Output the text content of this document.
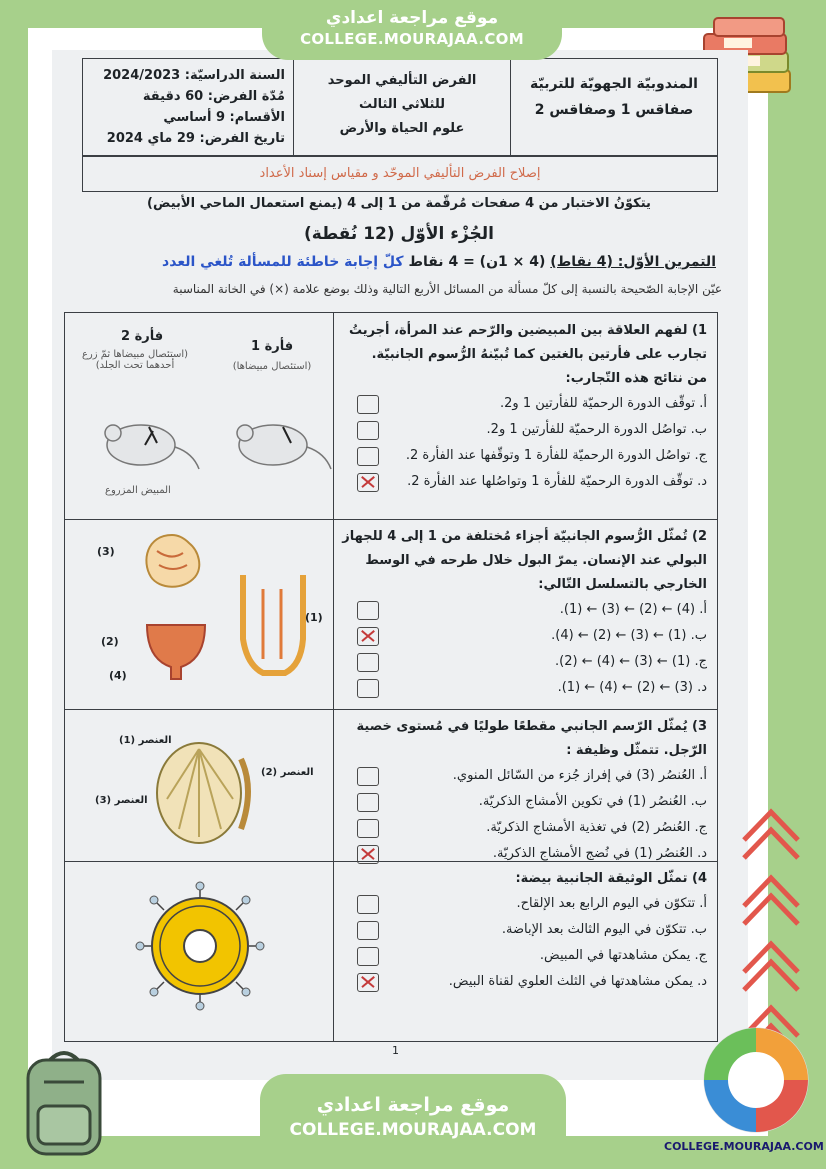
موقع مراجعة اعدادي
COLLEGE.MOURAJAA.COM
المندوبيّة الجهويّة للتربيّة
صفاقس 1 وصفاقس 2
الفرض التأليفي الموحد
للثلاثي الثالث
علوم الحياة والأرض
السنة الدراسيّة: 2024/2023
مُدّة الفرض: 60 دقيقة
الأقسام: 9 أساسي
تاريخ الفرض: 29 ماي 2024
إصلاح الفرض التأليفي الموحّد و مقياس إسناد الأعداد
يتكوّنُ الاختبار من 4 صفحات مُرقّمة من 1 إلى 4 (يمنع استعمال الماحي الأبيض)
الجُزْء الأوّل (12 نُقطة)
التمرين الأوّل: (4 نقاط) (4 × 1ن) = 4 نقاط كلّ إجابة خاطئة للمسألة تُلغي العدد
عيّن الإجابة الصّحيحة بالنسبة إلى كلّ مسألة من المسائل الأربع التالية وذلك بوضع علامة (×) في الخانة المناسبة
1) لفهم العلاقة بين المبيضين والرّحم عند المرأة، أجريتُ تجارب على فأرتين بالغتين كما تُبيّنهُ الرُّسوم الجانبيّة.
من نتائج هذه التّجارب:
أ. توقّف الدورة الرحميّة للفأرتين 1 و2.
ب. تواصُل الدورة الرحميّة للفأرتين 1 و2.
ج. تواصُل الدورة الرحميّة للفأرة 1 وتوقّفها عند الفأرة 2.
د. توقّف الدورة الرحميّة للفأرة 1 وتواصُلها عند الفأرة 2.
فأرة 2
(استئصال مبيضاها ثمّ زرع أحدهما تحت الجلد)
فأرة 1
(استئصال مبيضاها)
المبيض المزروع
2) تُمثّل الرُّسوم الجانبيّة أجزاء مُختلفة من 1 إلى 4 للجهاز البولي عند الإنسان. يمرّ البول خلال طرحه في الوسط الخارجي بالتسلسل التّالي:
أ. (4) ← (2) ← (3) ← (1).
ب. (1) ← (3) ← (2) ← (4).
ج. (1) ← (3) ← (4) ← (2).
د. (3) ← (2) ← (4) ← (1).
(3)
(1)
(2)
(4)
3) يُمثّل الرّسم الجانبي مقطعًا طوليًا في مُستوى خصية الرّجل. تتمثّل وظيفة :
أ. العُنصُر (3) في إفراز جُزء من السّائل المنوي.
ب. العُنصُر (1) في تكوين الأمشاج الذكريّة.
ج. العُنصُر (2) في تغذية الأمشاج الذكريّة.
د. العُنصُر (1) في نُضج الأمشاج الذكريّة.
العنصر (1)
العنصر (2)
العنصر (3)
4) تمثّل الوثيقة الجانبية بيضة:
أ. تتكوّن في اليوم الرابع بعد الإلقاح.
ب. تتكوّن في اليوم الثالث بعد الإباضة.
ج. يمكن مشاهدتها في المبيض.
د. يمكن مشاهدتها في الثلث العلوي لقناة البيض.
1
موقع مراجعة اعدادي
COLLEGE.MOURAJAA.COM
COLLEGE.MOURAJAA.COM
